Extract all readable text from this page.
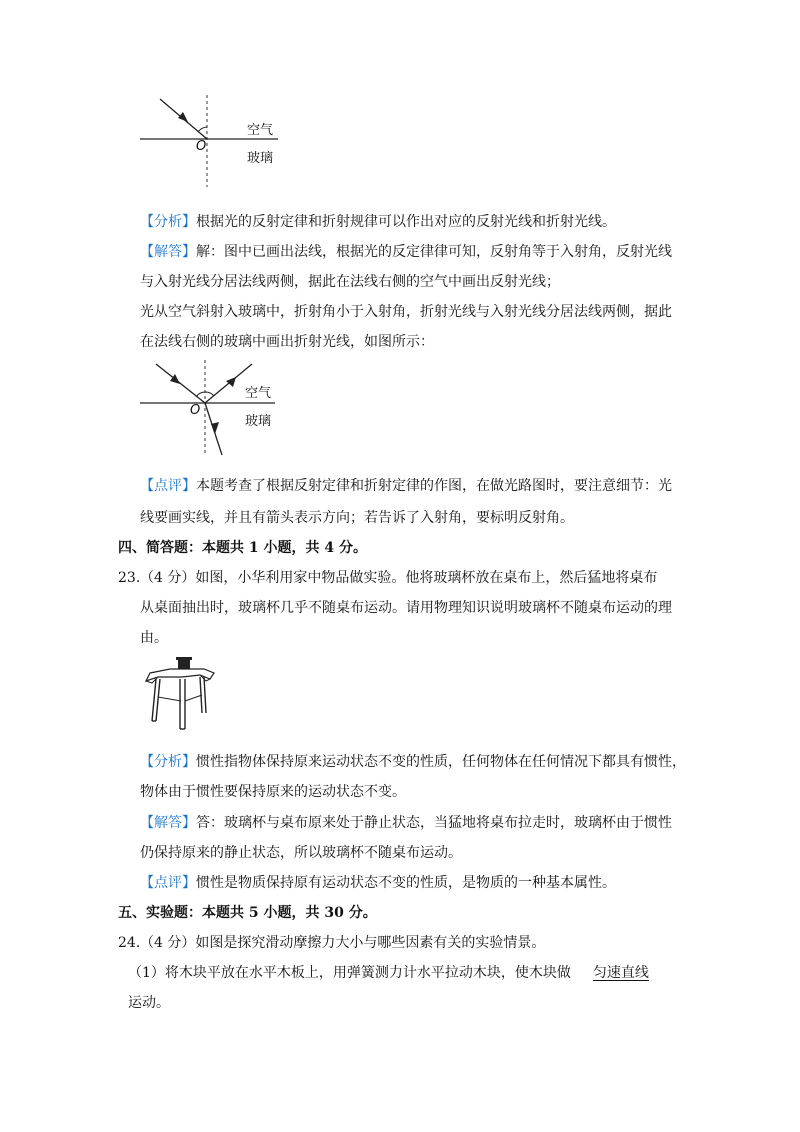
O
空气
玻璃
【分析】根据光的反射定律和折射规律可以作出对应的反射光线和折射光线。
【解答】解：图中已画出法线，根据光的反定律律可知，反射角等于入射角，反射光线
与入射光线分居法线两侧，据此在法线右侧的空气中画出反射光线；
光从空气斜射入玻璃中，折射角小于入射角，折射光线与入射光线分居法线两侧，据此
在法线右侧的玻璃中画出折射光线，如图所示：
O
空气
玻璃
【点评】本题考查了根据反射定律和折射定律的作图，在做光路图时，要注意细节：光
线要画实线，并且有箭头表示方向；若告诉了入射角，要标明反射角。
四、简答题：本题共 1 小题，共 4 分。
23.（4 分）如图，小华利用家中物品做实验。他将玻璃杯放在桌布上，然后猛地将桌布
从桌面抽出时，玻璃杯几乎不随桌布运动。请用物理知识说明玻璃杯不随桌布运动的理
由。
【分析】惯性指物体保持原来运动状态不变的性质，任何物体在任何情况下都具有惯性，
物体由于惯性要保持原来的运动状态不变。
【解答】答：玻璃杯与桌布原来处于静止状态，当猛地将桌布拉走时，玻璃杯由于惯性
仍保持原来的静止状态，所以玻璃杯不随桌布运动。
【点评】惯性是物质保持原有运动状态不变的性质，是物质的一种基本属性。
五、实验题：本题共 5 小题，共 30 分。
24.（4 分）如图是探究滑动摩擦力大小与哪些因素有关的实验情景。
（1）将木块平放在水平木板上，用弹簧测力计水平拉动木块，使木块做 匀速直线
运动。
